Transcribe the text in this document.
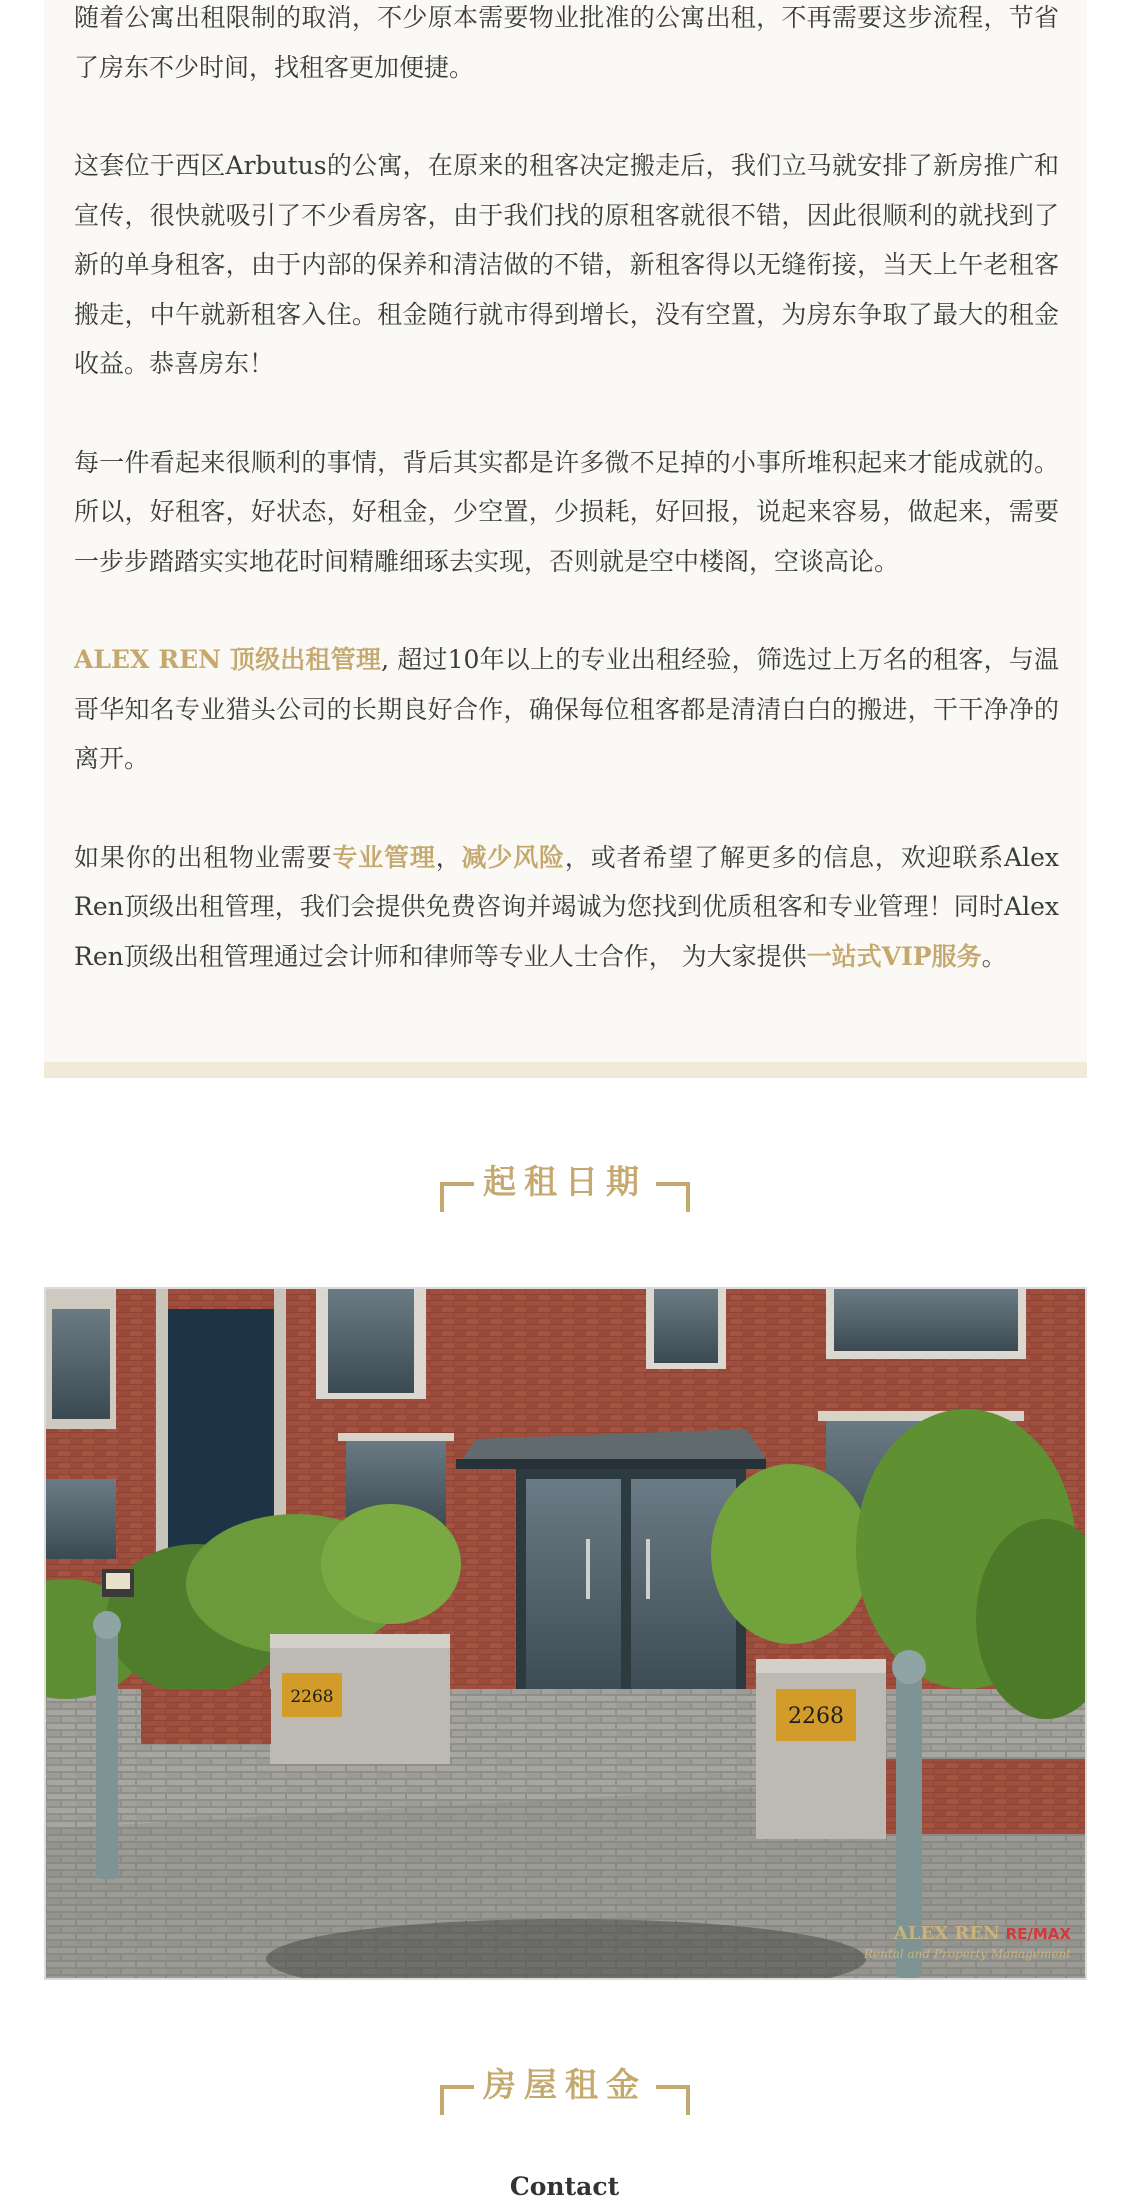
随着公寓出租限制的取消，不少原本需要物业批准的公寓出租，不再需要这步流程，节省了房东不少时间，找租客更加便捷。

这套位于西区Arbutus的公寓，在原来的租客决定搬走后，我们立马就安排了新房推广和宣传，很快就吸引了不少看房客，由于我们找的原租客就很不错，因此很顺利的就找到了新的单身租客，由于内部的保养和清洁做的不错，新租客得以无缝衔接，当天上午老租客搬走，中午就新租客入住。租金随行就市得到增长，没有空置，为房东争取了最大的租金收益。恭喜房东！

每一件看起来很顺利的事情，背后其实都是许多微不足掉的小事所堆积起来才能成就的。所以，好租客，好状态，好租金，少空置，少损耗，好回报，说起来容易，做起来，需要一步步踏踏实实地花时间精雕细琢去实现，否则就是空中楼阁，空谈高论。

ALEX REN 顶级出租管理, 超过10年以上的专业出租经验，筛选过上万名的租客，与温哥华知名专业猎头公司的长期良好合作，确保每位租客都是清清白白的搬进，干干净净的离开。

如果你的出租物业需要专业管理，减少风险，或者希望了解更多的信息，欢迎联系Alex Ren顶级出租管理，我们会提供免费咨询并竭诚为您找到优质租客和专业管理！同时Alex Ren顶级出租管理通过会计师和律师等专业人士合作， 为大家提供一站式VIP服务。

起租日期
2268
2268
ALEX REN RE/MAX
Rental and Property Management
房屋租金
Contact
